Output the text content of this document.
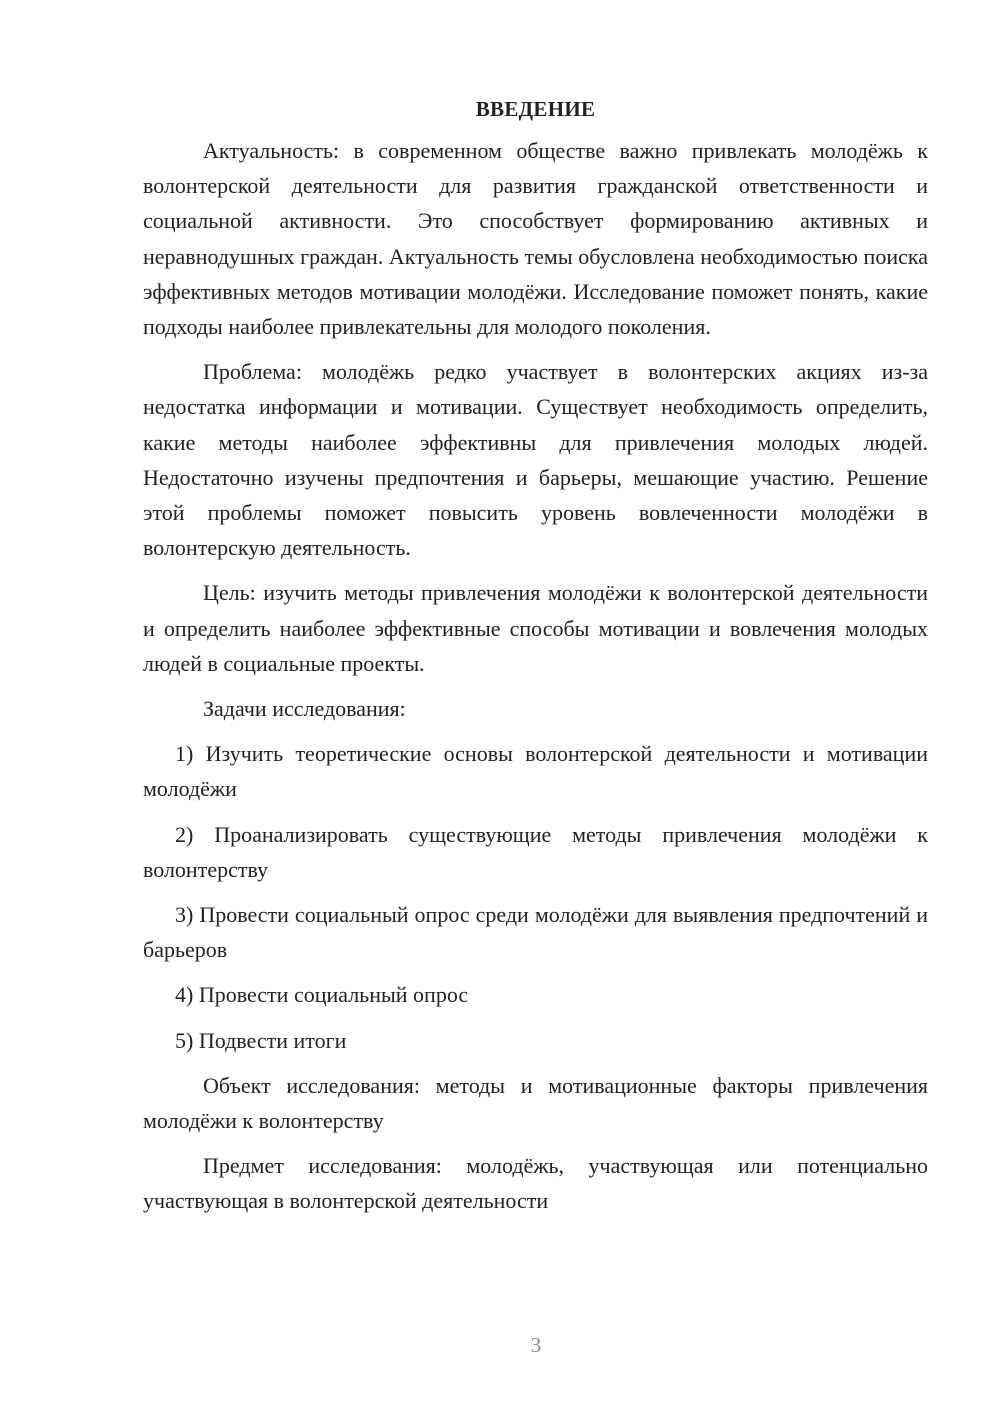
ВВЕДЕНИЕ

Актуальность: в современном обществе важно привлекать молодёжь к волонтерской деятельности для развития гражданской ответственности и социальной активности. Это способствует формированию активных и неравнодушных граждан. Актуальность темы обусловлена необходимостью поиска эффективных методов мотивации молодёжи. Исследование поможет понять, какие подходы наиболее привлекательны для молодого поколения.

Проблема: молодёжь редко участвует в волонтерских акциях из-за недостатка информации и мотивации. Существует необходимость определить, какие методы наиболее эффективны для привлечения молодых людей. Недостаточно изучены предпочтения и барьеры, мешающие участию. Решение этой проблемы поможет повысить уровень вовлеченности молодёжи в волонтерскую деятельность.

Цель: изучить методы привлечения молодёжи к волонтерской деятельности и определить наиболее эффективные способы мотивации и вовлечения молодых людей в социальные проекты.

Задачи исследования:

1) Изучить теоретические основы волонтерской деятельности и мотивации молодёжи

2) Проанализировать существующие методы привлечения молодёжи к волонтерству

3) Провести социальный опрос среди молодёжи для выявления предпочтений и барьеров

4) Провести социальный опрос

5) Подвести итоги

Объект исследования: методы и мотивационные факторы привлечения молодёжи к волонтерству

Предмет исследования: молодёжь, участвующая или потенциально участвующая в волонтерской деятельности

3
